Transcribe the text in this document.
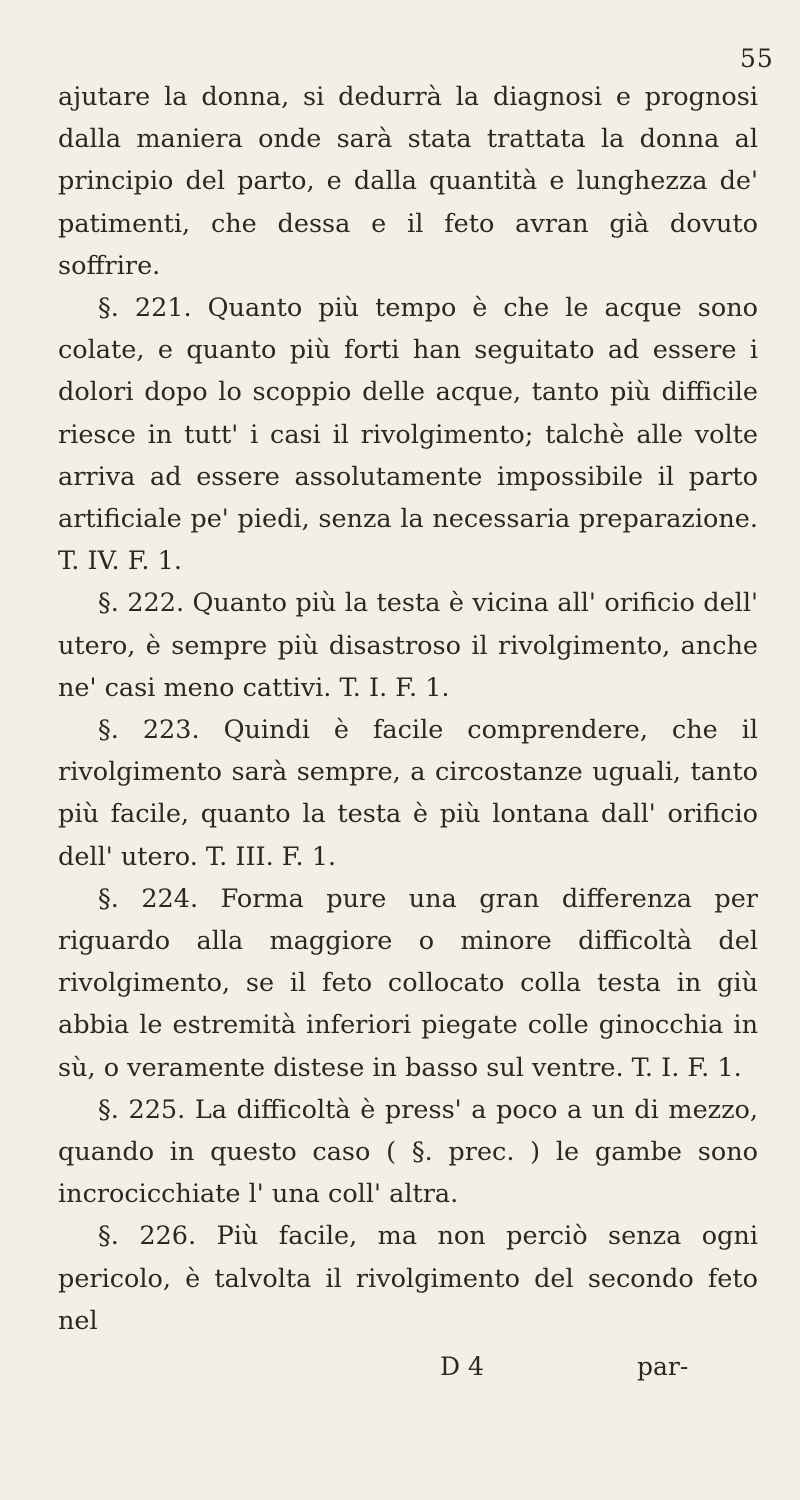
55

ajutare la donna, si dedurrà la diagnosi e prognosi dalla maniera onde sarà stata trattata la donna al principio del parto, e dalla quantità e lunghezza de' patimenti, che dessa e il feto avran già dovuto soffrire.

§. 221. Quanto più tempo è che le acque sono colate, e quanto più forti han seguitato ad essere i dolori dopo lo scoppio delle acque, tanto più difficile riesce in tutt' i casi il rivolgimento; talchè alle volte arriva ad essere assolutamente impossibile il parto artificiale pe' piedi, senza la necessaria preparazione. T. IV. F. 1.

§. 222. Quanto più la testa è vicina all' orificio dell' utero, è sempre più disastroso il rivolgimento, anche ne' casi meno cattivi. T. I. F. 1.

§. 223. Quindi è facile comprendere, che il rivolgimento sarà sempre, a circostanze uguali, tanto più facile, quanto la testa è più lontana dall' orificio dell' utero. T. III. F. 1.

§. 224. Forma pure una gran differenza per riguardo alla maggiore o minore difficoltà del rivolgimento, se il feto collocato colla testa in giù abbia le estremità inferiori piegate colle ginocchia in sù, o veramente distese in basso sul ventre. T. I. F. 1.

§. 225. La difficoltà è press' a poco a un di mezzo, quando in questo caso ( §. prec. ) le gambe sono incrocicchiate l' una coll' altra.

§. 226. Più facile, ma non perciò senza ogni pericolo, è talvolta il rivolgimento del secondo feto nel

D 4	par-
